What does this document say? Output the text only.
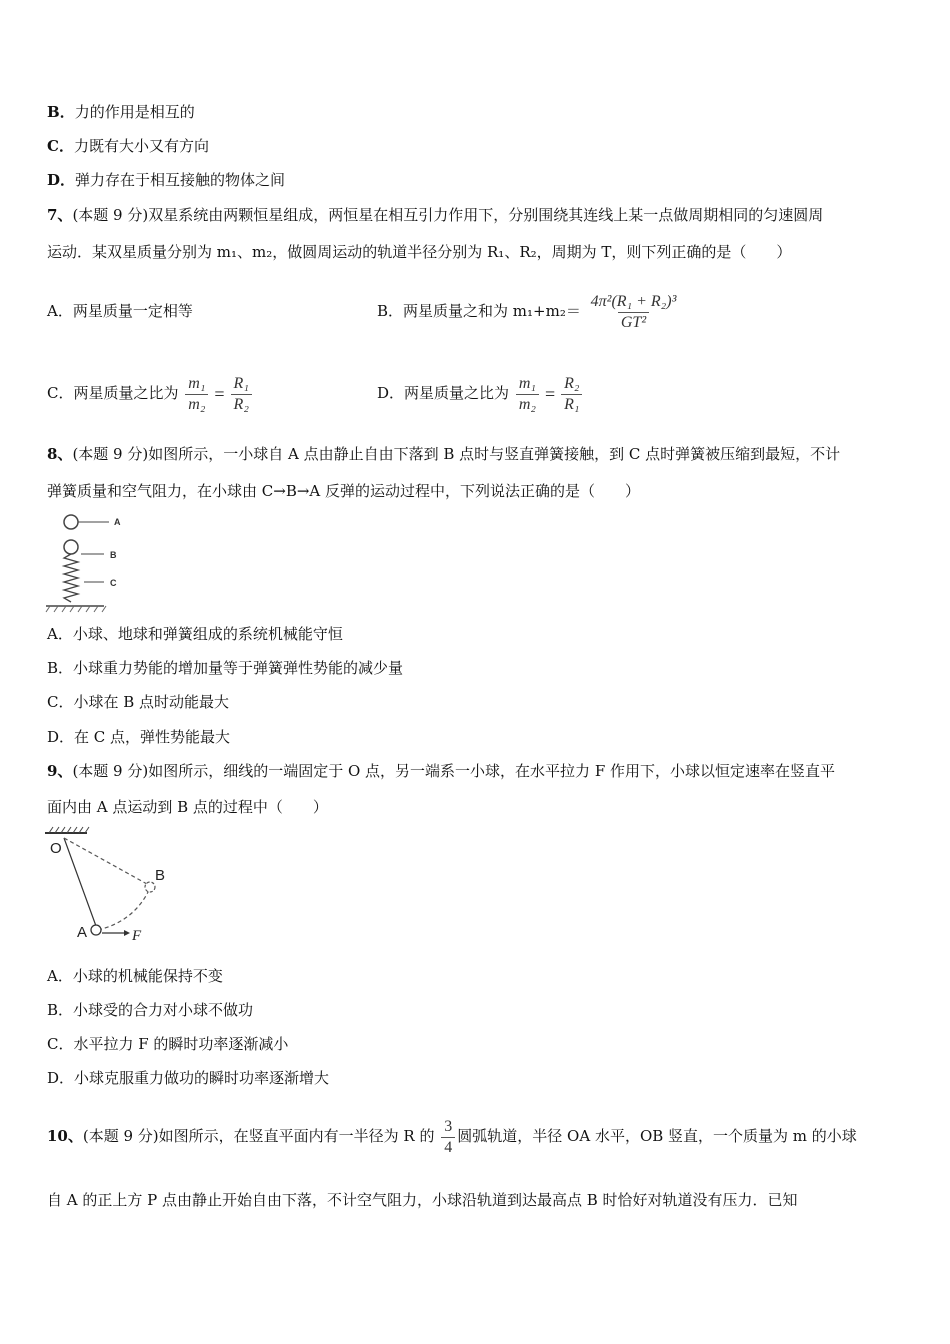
B．力的作用是相互的
C．力既有大小又有方向
D．弹力存在于相互接触的物体之间
7、(本题 9 分)双星系统由两颗恒星组成，两恒星在相互引力作用下，分别围绕其连线上某一点做周期相同的匀速圆周
运动．某双星质量分别为 m₁、m₂，做圆周运动的轨道半径分别为 R₁、R₂，周期为 T，则下列正确的是（　　）
A．两星质量一定相等	B．两星质量之和为 $m_1+m_2= \frac{\text{4π²(R₁ + R₂)³}}{\text{GT²}}$
C．两星质量之比为 $\frac{\text{m₁}}{\text{m₂}} = \frac{\text{R₁}}{\text{R₂}}$	D．两星质量之比为 $\frac{\text{m₁}}{\text{m₂}} = \frac{\text{R₂}}{\text{R₁}}$
8、(本题 9 分)如图所示，一小球自 A 点由静止自由下落到 B 点时与竖直弹簧接触，到 C 点时弹簧被压缩到最短，不计
弹簧质量和空气阻力，在小球由 C→B→A 反弹的运动过程中，下列说法正确的是（　　）
A
B
C
A．小球、地球和弹簧组成的系统机械能守恒
B．小球重力势能的增加量等于弹簧弹性势能的减少量
C．小球在 B 点时动能最大
D．在 C 点，弹性势能最大
9、(本题 9 分)如图所示，细线的一端固定于 O 点，另一端系一小球，在水平拉力 F 作用下，小球以恒定速率在竖直平
面内由 A 点运动到 B 点的过程中（　　）
O
B
A	F
A．小球的机械能保持不变
B．小球受的合力对小球不做功
C．水平拉力 F 的瞬时功率逐渐减小
D．小球克服重力做功的瞬时功率逐渐增大
10、(本题 9 分)如图所示，在竖直平面内有一半径为 R 的 $\frac{3}{4}$ 圆弧轨道，半径 OA 水平，OB 竖直，一个质量为 m 的小球
自 A 的正上方 P 点由静止开始自由下落，不计空气阻力，小球沿轨道到达最高点 B 时恰好对轨道没有压力．已知
